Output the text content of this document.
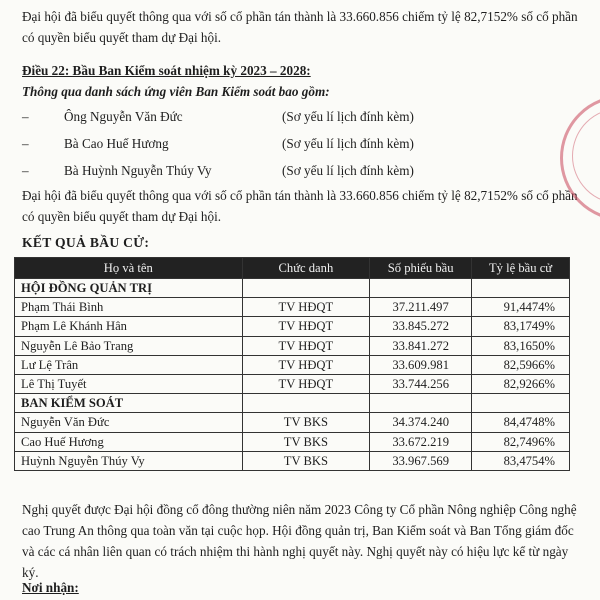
Đại hội đã biểu quyết thông qua với số cổ phần tán thành là 33.660.856 chiếm tỷ lệ 82,7152% số cổ phần có quyền biểu quyết tham dự Đại hội.
Điều 22: Bầu Ban Kiểm soát nhiệm kỳ 2023 – 2028:
Thông qua danh sách ứng viên Ban Kiểm soát bao gồm:
–	Ông Nguyễn Văn Đức	(Sơ yếu lí lịch đính kèm)
–	Bà Cao Huế Hương	(Sơ yếu lí lịch đính kèm)
–	Bà Huỳnh Nguyễn Thúy Vy	(Sơ yếu lí lịch đính kèm)
Đại hội đã biểu quyết thông qua với số cổ phần tán thành là 33.660.856 chiếm tỷ lệ 82,7152% số cổ phần có quyền biểu quyết tham dự Đại hội.
KẾT QUẢ BẦU CỬ:
Họ và tên	Chức danh	Số phiếu bầu	Tỷ lệ bầu cử
HỘI ĐỒNG QUẢN TRỊ			
Phạm Thái Bình	TV HĐQT	37.211.497	91,4474%
Phạm Lê Khánh Hân	TV HĐQT	33.845.272	83,1749%
Nguyễn Lê Bảo Trang	TV HĐQT	33.841.272	83,1650%
Lư Lệ Trân	TV HĐQT	33.609.981	82,5966%
Lê Thị Tuyết	TV HĐQT	33.744.256	82,9266%
BAN KIỂM SOÁT			
Nguyễn Văn Đức	TV BKS	34.374.240	84,4748%
Cao Huế Hương	TV BKS	33.672.219	82,7496%
Huỳnh Nguyễn Thúy Vy	TV BKS	33.967.569	83,4754%
Nghị quyết được Đại hội đồng cổ đông thường niên năm 2023 Công ty Cổ phần Nông nghiệp Công nghệ cao Trung An thông qua toàn văn tại cuộc họp. Hội đồng quản trị, Ban Kiểm soát và Ban Tổng giám đốc và các cá nhân liên quan có trách nhiệm thi hành nghị quyết này. Nghị quyết này có hiệu lực kể từ ngày ký.
Nơi nhận:
